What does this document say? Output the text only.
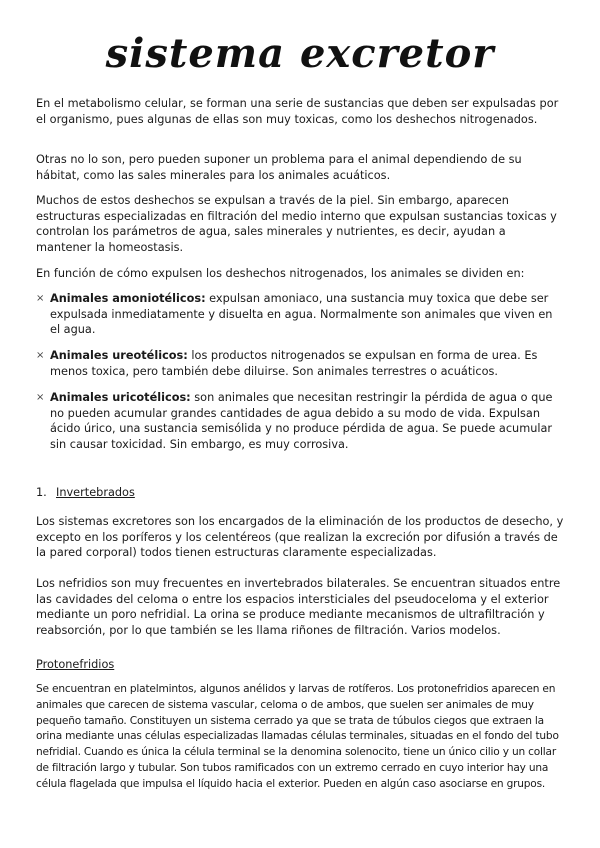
sistema excretor

En el metabolismo celular, se forman una serie de sustancias que deben ser expulsadas por el organismo, pues algunas de ellas son muy toxicas, como los deshechos nitrogenados.

Otras no lo son, pero pueden suponer un problema para el animal dependiendo de su hábitat, como las sales minerales para los animales acuáticos.

Muchos de estos deshechos se expulsan a través de la piel. Sin embargo, aparecen estructuras especializadas en filtración del medio interno que expulsan sustancias toxicas y controlan los parámetros de agua, sales minerales y nutrientes, es decir, ayudan a mantener la homeostasis.

En función de cómo expulsen los deshechos nitrogenados, los animales se dividen en:

× Animales amoniotélicos: expulsan amoniaco, una sustancia muy toxica que debe ser expulsada inmediatamente y disuelta en agua. Normalmente son animales que viven en el agua.
× Animales ureotélicos: los productos nitrogenados se expulsan en forma de urea. Es menos toxica, pero también debe diluirse. Son animales terrestres o acuáticos.
× Animales uricotélicos: son animales que necesitan restringir la pérdida de agua o que no pueden acumular grandes cantidades de agua debido a su modo de vida. Expulsan ácido úrico, una sustancia semisólida y no produce pérdida de agua. Se puede acumular sin causar toxicidad. Sin embargo, es muy corrosiva.
1. Invertebrados

Los sistemas excretores son los encargados de la eliminación de los productos de desecho, y excepto en los poríferos y los celentéreos (que realizan la excreción por difusión a través de la pared corporal) todos tienen estructuras claramente especializadas.

Los nefridios son muy frecuentes en invertebrados bilaterales. Se encuentran situados entre las cavidades del celoma o entre los espacios intersticiales del pseudoceloma y el exterior mediante un poro nefridial. La orina se produce mediante mecanismos de ultrafiltración y reabsorción, por lo que también se les llama riñones de filtración. Varios modelos.

Protonefridios

Se encuentran en platelmintos, algunos anélidos y larvas de rotíferos. Los protonefridios aparecen en animales que carecen de sistema vascular, celoma o de ambos, que suelen ser animales de muy pequeño tamaño. Constituyen un sistema cerrado ya que se trata de túbulos ciegos que extraen la orina mediante unas células especializadas llamadas células terminales, situadas en el fondo del tubo nefridial. Cuando es única la célula terminal se la denomina solenocito, tiene un único cilio y un collar de filtración largo y tubular. Son tubos ramificados con un extremo cerrado en cuyo interior hay una célula flagelada que impulsa el líquido hacia el exterior. Pueden en algún caso asociarse en grupos.
